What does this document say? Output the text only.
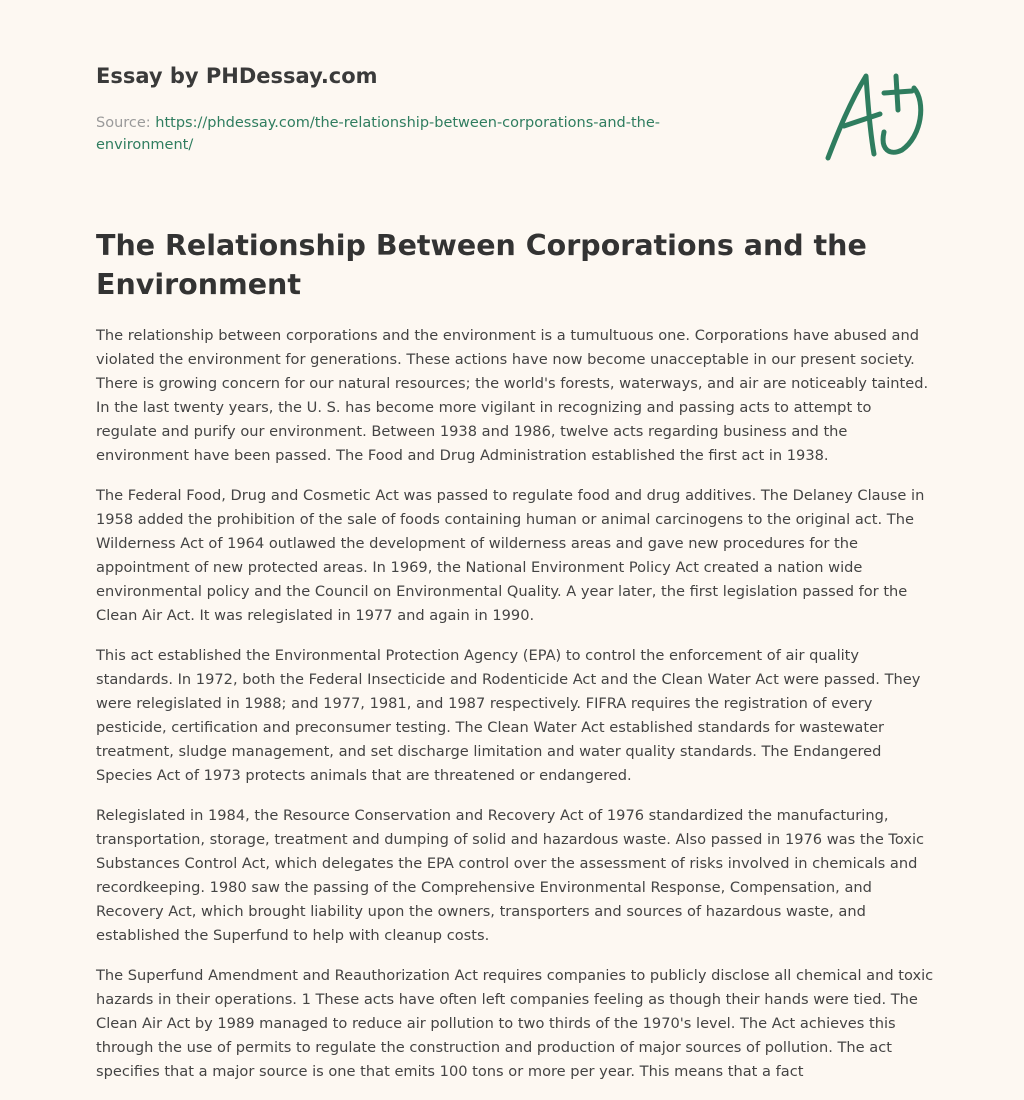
Essay by PHDessay.com
Source: https://phdessay.com/the-relationship-between-corporations-and-the-environment/
The Relationship Between Corporations and the Environment

The relationship between corporations and the environment is a tumultuous one. Corporations have abused and violated the environment for generations. These actions have now become unacceptable in our present society. There is growing concern for our natural resources; the world's forests, waterways, and air are noticeably tainted. In the last twenty years, the U. S. has become more vigilant in recognizing and passing acts to attempt to regulate and purify our environment. Between 1938 and 1986, twelve acts regarding business and the environment have been passed. The Food and Drug Administration established the first act in 1938.

The Federal Food, Drug and Cosmetic Act was passed to regulate food and drug additives. The Delaney Clause in 1958 added the prohibition of the sale of foods containing human or animal carcinogens to the original act. The Wilderness Act of 1964 outlawed the development of wilderness areas and gave new procedures for the appointment of new protected areas. In 1969, the National Environment Policy Act created a nation wide environmental policy and the Council on Environmental Quality. A year later, the first legislation passed for the Clean Air Act. It was relegislated in 1977 and again in 1990.

This act established the Environmental Protection Agency (EPA) to control the enforcement of air quality standards. In 1972, both the Federal Insecticide and Rodenticide Act and the Clean Water Act were passed. They were relegislated in 1988; and 1977, 1981, and 1987 respectively. FIFRA requires the registration of every pesticide, certification and preconsumer testing. The Clean Water Act established standards for wastewater treatment, sludge management, and set discharge limitation and water quality standards. The Endangered Species Act of 1973 protects animals that are threatened or endangered.

Relegislated in 1984, the Resource Conservation and Recovery Act of 1976 standardized the manufacturing, transportation, storage, treatment and dumping of solid and hazardous waste. Also passed in 1976 was the Toxic Substances Control Act, which delegates the EPA control over the assessment of risks involved in chemicals and recordkeeping. 1980 saw the passing of the Comprehensive Environmental Response, Compensation, and Recovery Act, which brought liability upon the owners, transporters and sources of hazardous waste, and established the Superfund to help with cleanup costs.

The Superfund Amendment and Reauthorization Act requires companies to publicly disclose all chemical and toxic hazards in their operations. 1 These acts have often left companies feeling as though their hands were tied. The Clean Air Act by 1989 managed to reduce air pollution to two thirds of the 1970's level. The Act achieves this through the use of permits to regulate the construction and production of major sources of pollution. The act specifies that a major source is one that emits 100 tons or more per year. This means that a fact
